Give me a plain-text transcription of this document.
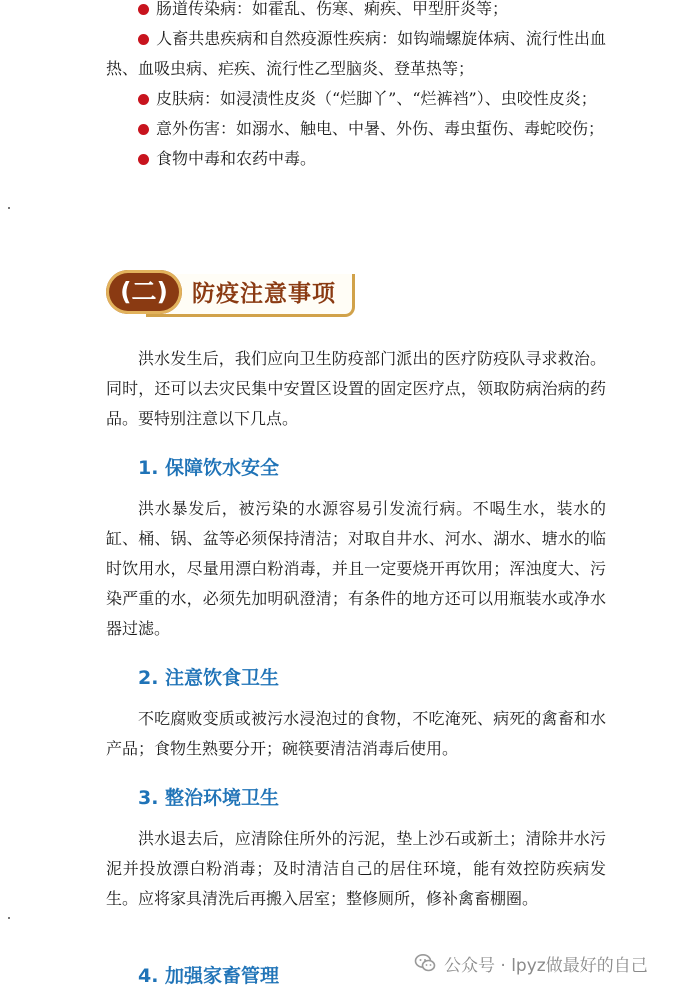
肠道传染病：如霍乱、伤寒、痢疾、甲型肝炎等；
人畜共患疾病和自然疫源性疾病：如钩端螺旋体病、流行性出血热、血吸虫病、疟疾、流行性乙型脑炎、登革热等；
皮肤病：如浸渍性皮炎（“烂脚丫”、“烂裤裆”）、虫咬性皮炎；
意外伤害：如溺水、触电、中暑、外伤、毒虫蜇伤、毒蛇咬伤；
食物中毒和农药中毒。
(二)	防疫注意事项
洪水发生后，我们应向卫生防疫部门派出的医疗防疫队寻求救治。同时，还可以去灾民集中安置区设置的固定医疗点，领取防病治病的药品。要特别注意以下几点。
1. 保障饮水安全
洪水暴发后，被污染的水源容易引发流行病。不喝生水，装水的缸、桶、锅、盆等必须保持清洁；对取自井水、河水、湖水、塘水的临时饮用水，尽量用漂白粉消毒，并且一定要烧开再饮用；浑浊度大、污染严重的水，必须先加明矾澄清；有条件的地方还可以用瓶装水或净水器过滤。
2. 注意饮食卫生
不吃腐败变质或被污水浸泡过的食物，不吃淹死、病死的禽畜和水产品；食物生熟要分开；碗筷要清洁消毒后使用。
3. 整治环境卫生
洪水退去后，应清除住所外的污泥，垫上沙石或新土；清除井水污泥并投放漂白粉消毒；及时清洁自己的居住环境，能有效控防疾病发生。应将家具清洗后再搬入居室；整修厕所，修补禽畜棚圈。
4. 加强家畜管理	公众号 · lpyz做最好的自己
